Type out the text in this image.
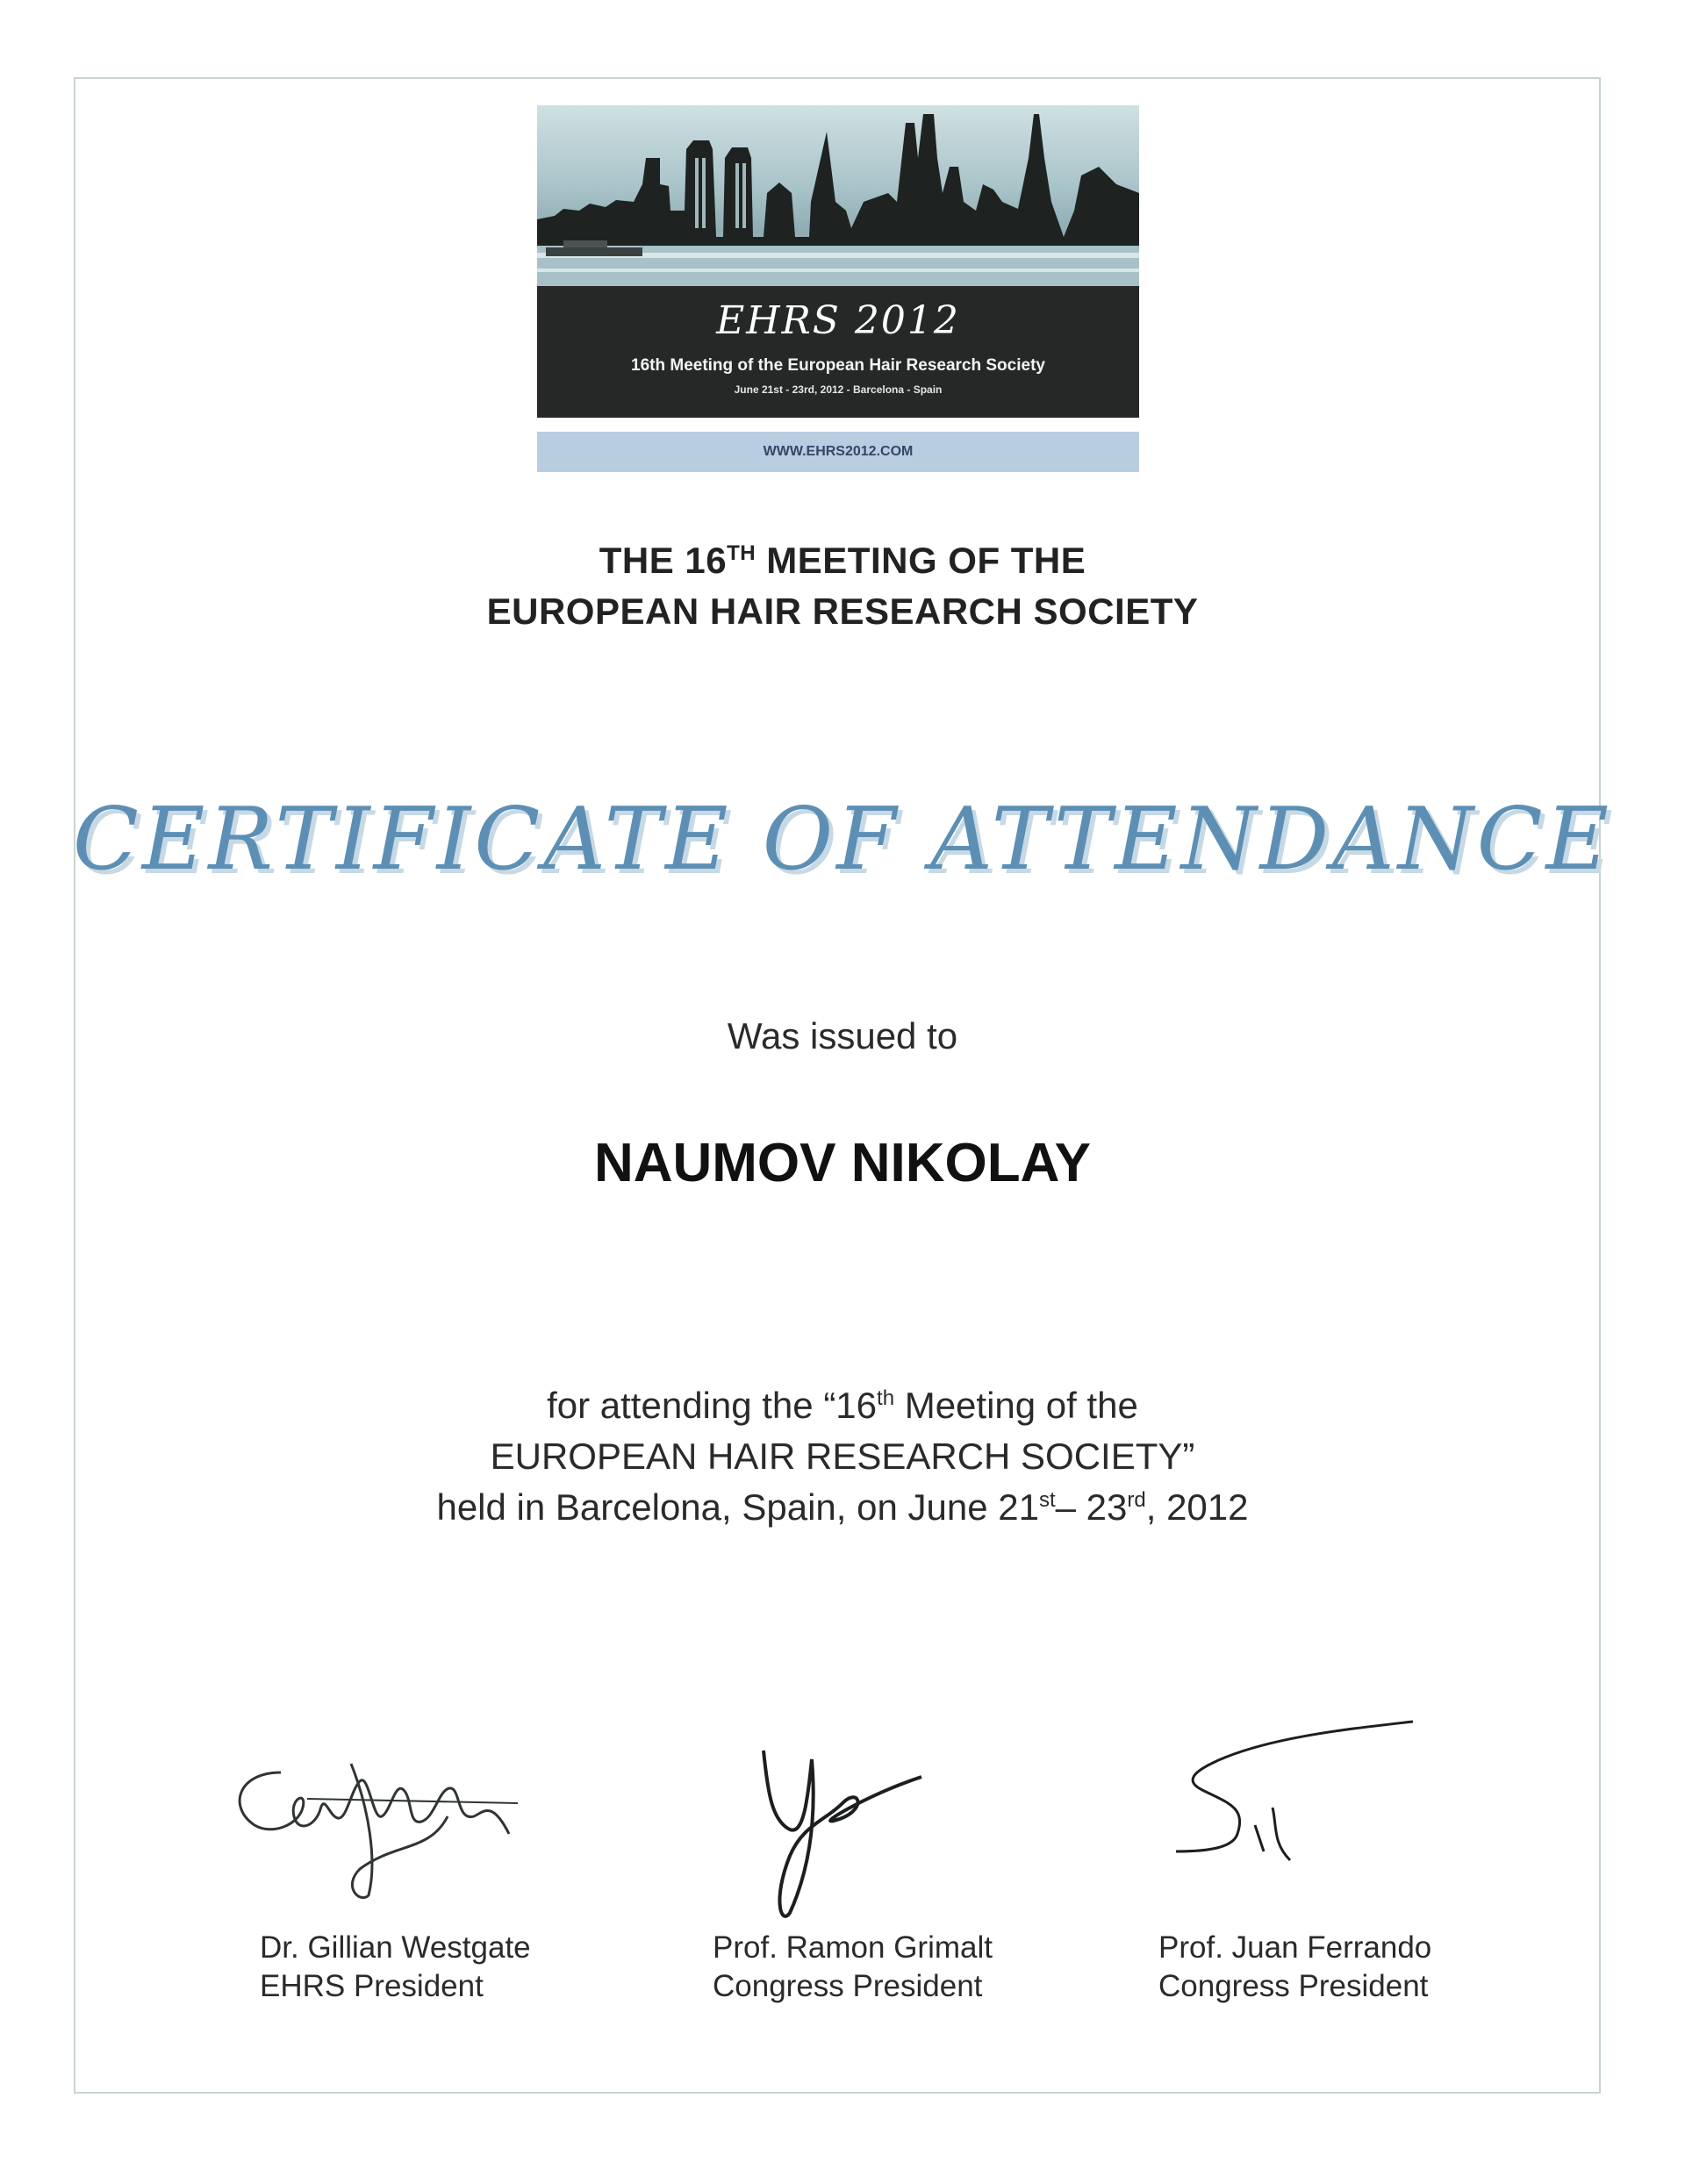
EHRS 2012
16th Meeting of the European Hair Research Society
June 21st - 23rd, 2012 - Barcelona - Spain
WWW.EHRS2012.COM
THE 16TH MEETING OF THE
EUROPEAN HAIR RESEARCH SOCIETY
CERTIFICATE OF ATTENDANCE
Was issued to
NAUMOV NIKOLAY
for attending the “16th Meeting of the
EUROPEAN HAIR RESEARCH SOCIETY”
held in Barcelona, Spain, on June 21st– 23rd, 2012
Dr. Gillian Westgate
EHRS President
Prof. Ramon Grimalt
Congress President
Prof. Juan Ferrando
Congress President
